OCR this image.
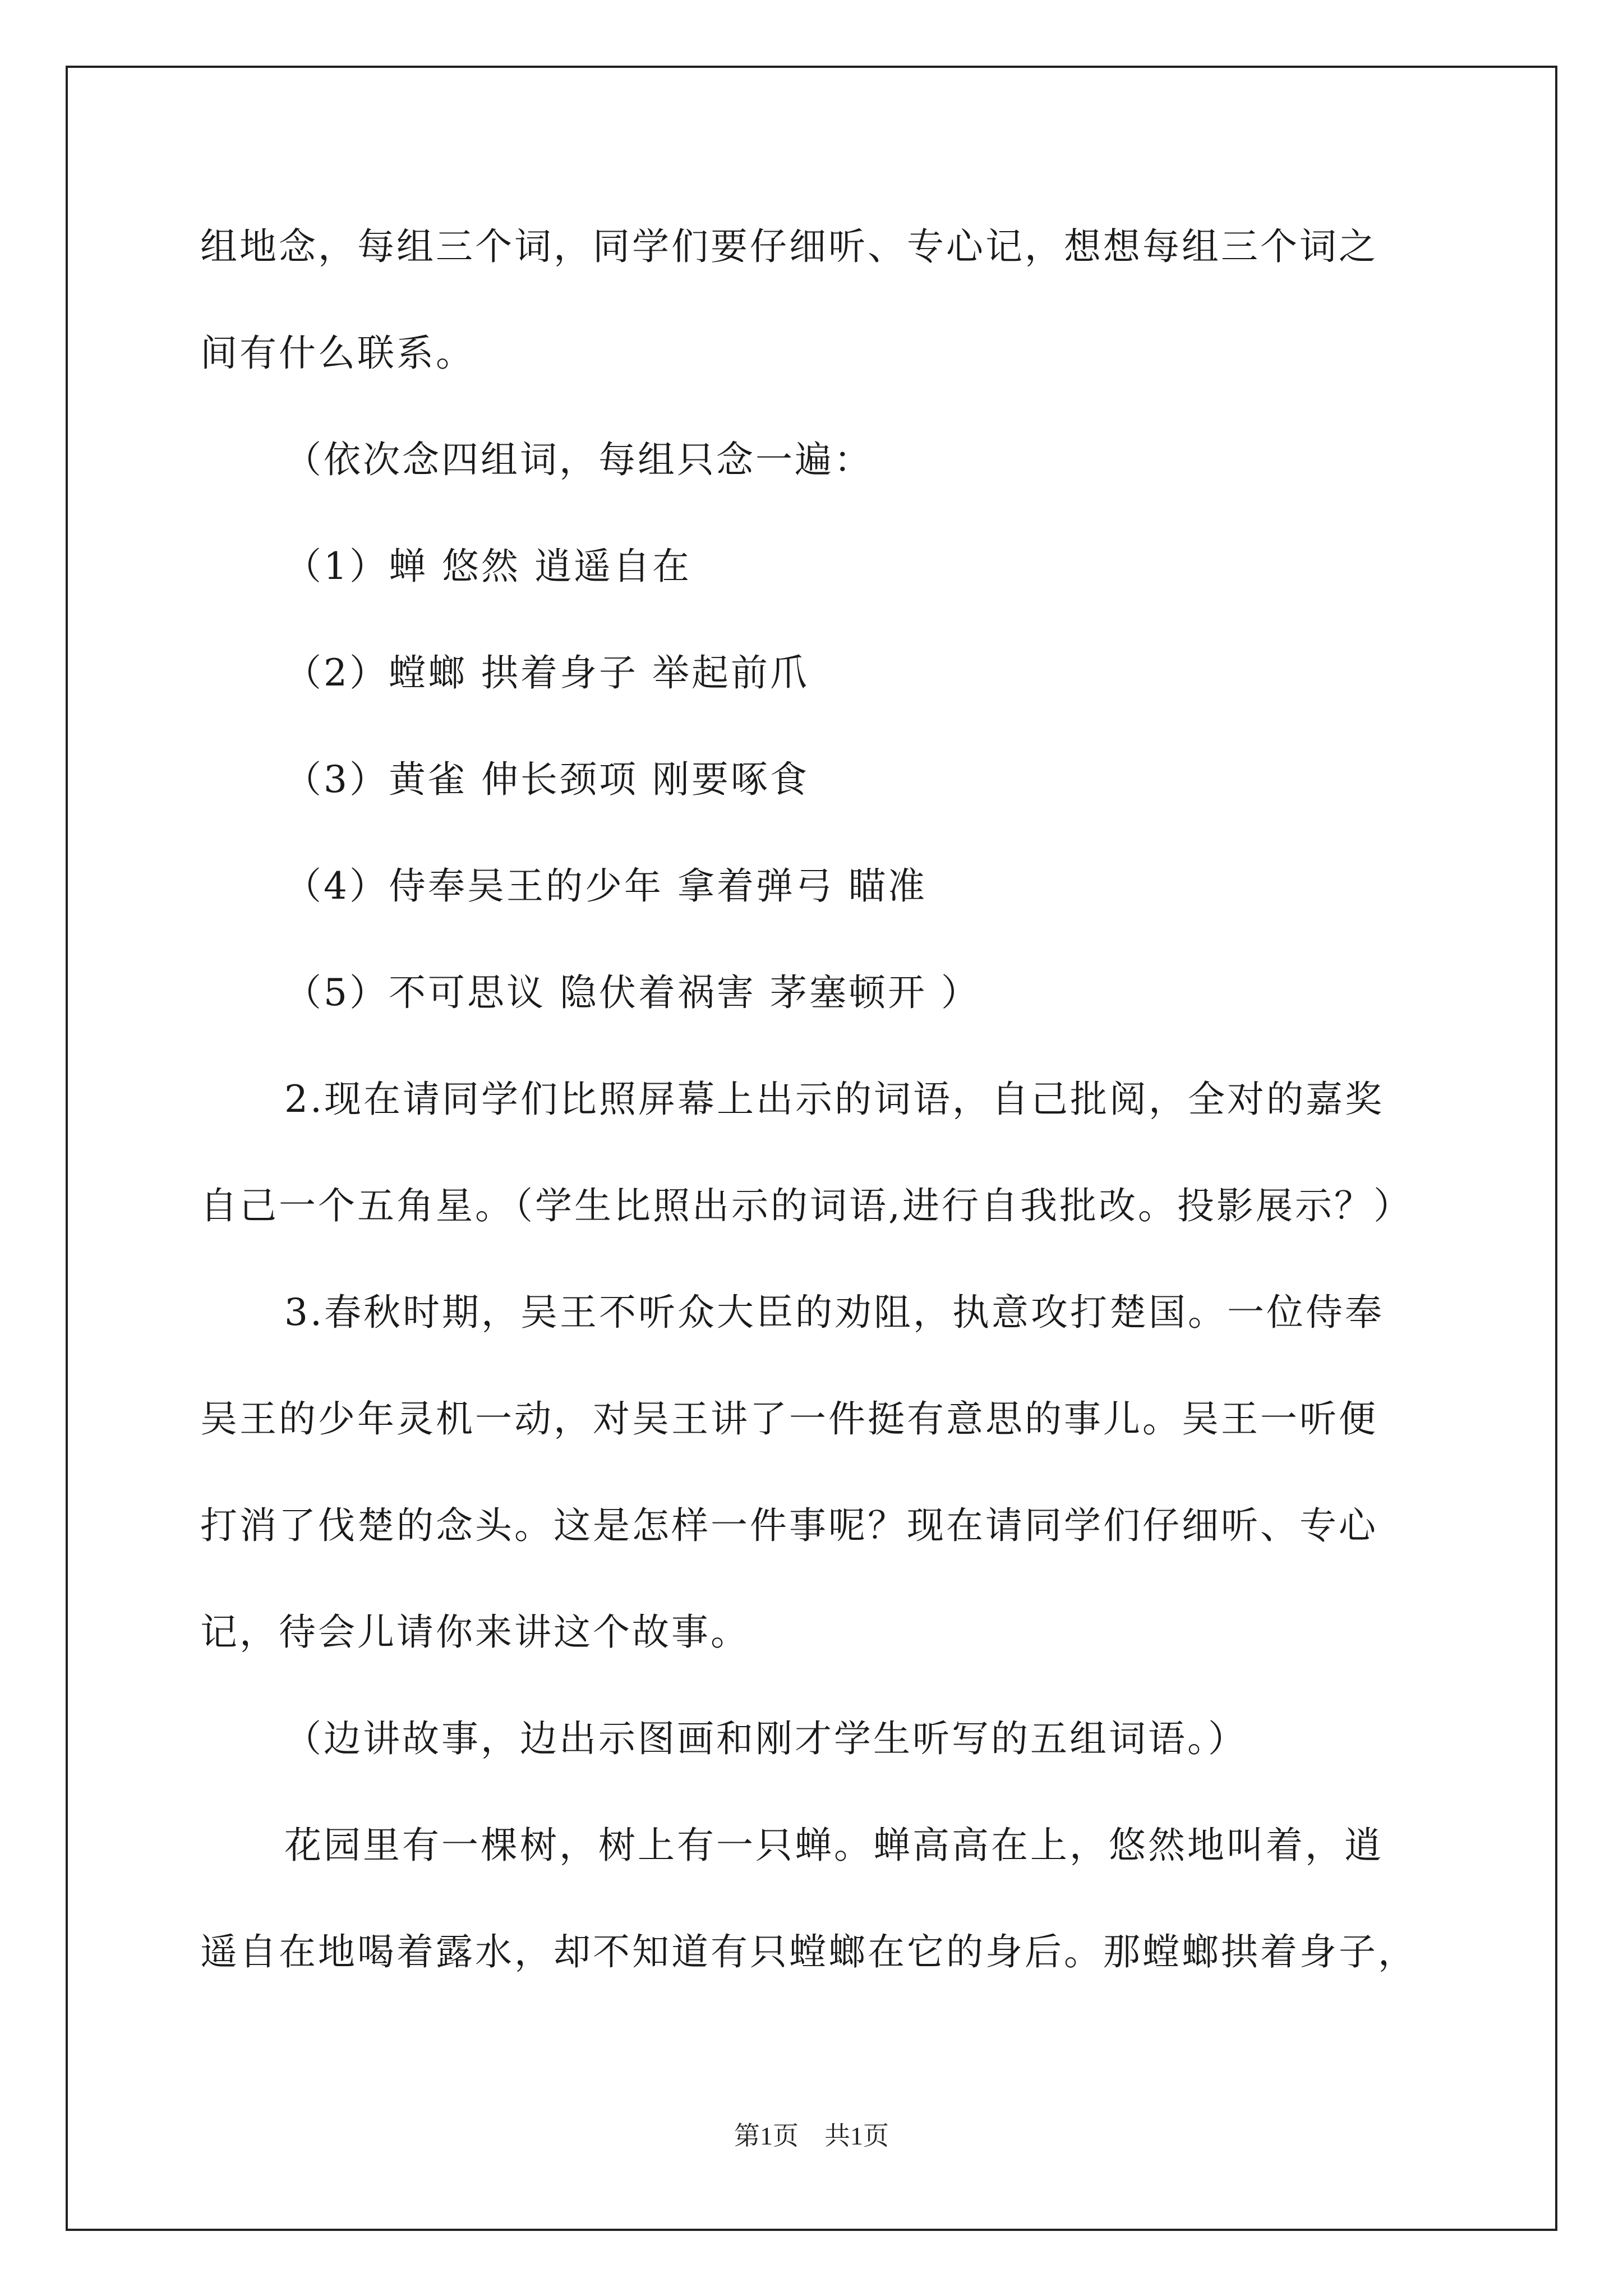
组地念，每组三个词，同学们要仔细听、专心记，想想每组三个词之
间有什么联系。
（依次念四组词，每组只念一遍：
（1）蝉 悠然 逍遥自在
（2）螳螂 拱着身子 举起前爪
（3）黄雀 伸长颈项 刚要啄食
（4）侍奉吴王的少年 拿着弹弓 瞄准
（5）不可思议 隐伏着祸害 茅塞顿开 ）
2.现在请同学们比照屏幕上出示的词语，自己批阅，全对的嘉奖
自己一个五角星。（学生比照出示的词语,进行自我批改。投影展示？）
3.春秋时期，吴王不听众大臣的劝阻，执意攻打楚国。一位侍奉
吴王的少年灵机一动，对吴王讲了一件挺有意思的事儿。吴王一听便
打消了伐楚的念头。这是怎样一件事呢？现在请同学们仔细听、专心
记，待会儿请你来讲这个故事。
（边讲故事，边出示图画和刚才学生听写的五组词语。）
花园里有一棵树，树上有一只蝉。蝉高高在上，悠然地叫着，逍
遥自在地喝着露水，却不知道有只螳螂在它的身后。那螳螂拱着身子，
第1页　共1页
